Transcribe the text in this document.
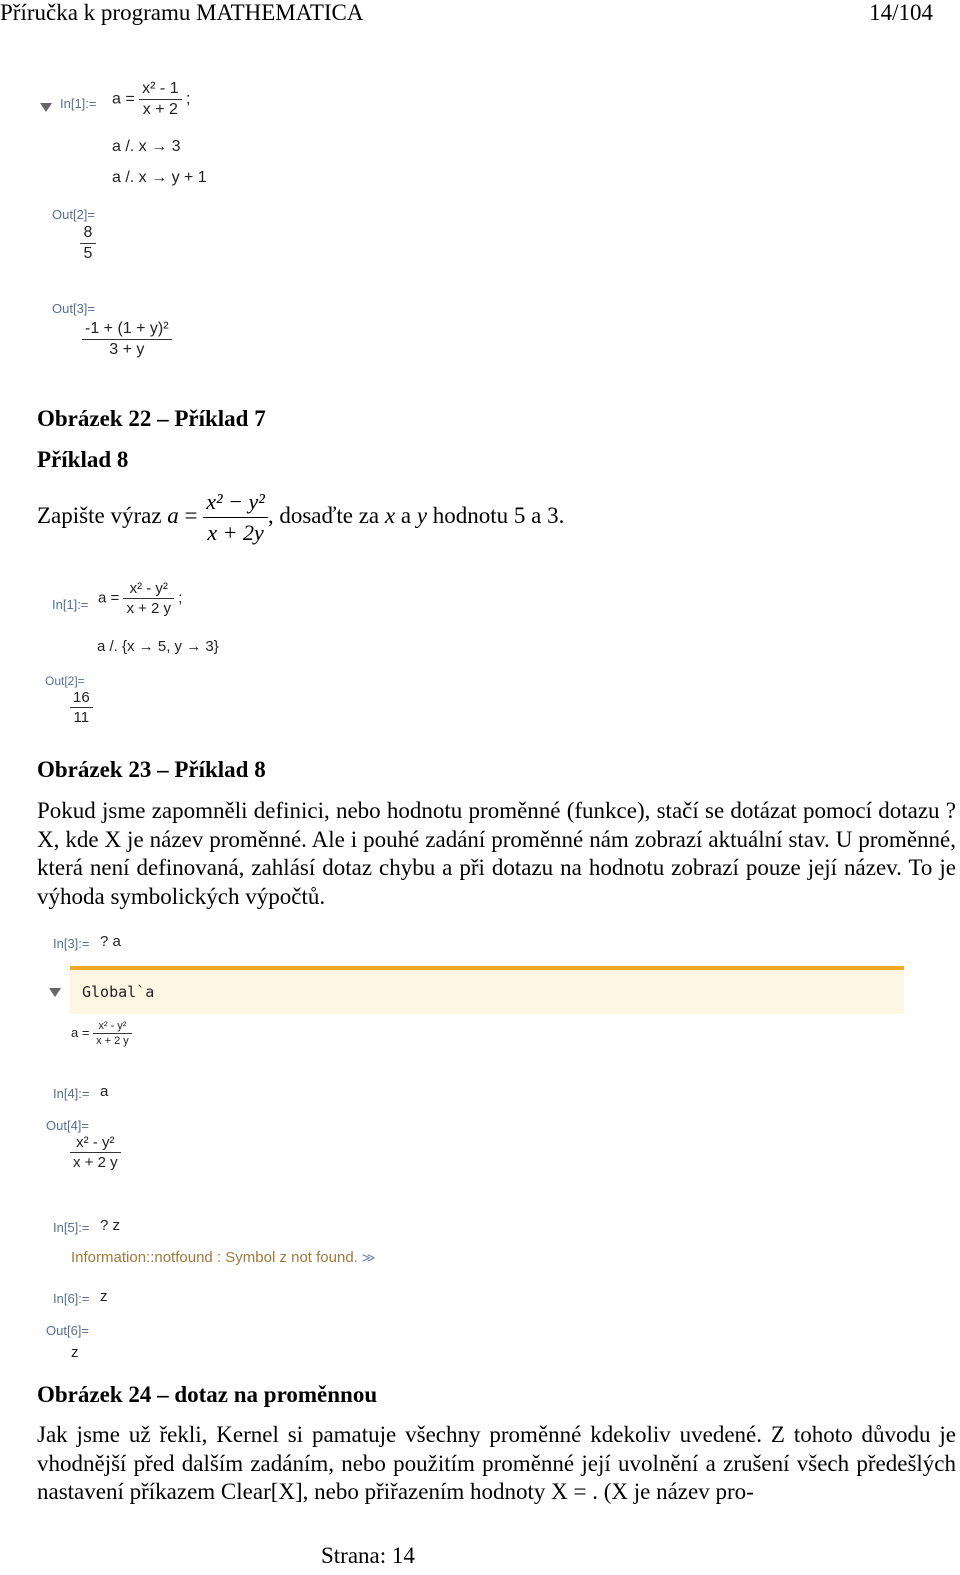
Příručka k programu MATHEMATICA	14/104
In[1]:= $a = \frac{\text{x² - 1}}{x + 2}$ ;
a /. x → 3
a /. x → y + 1
Out[2]=
$\frac{8}{5}$
Out[3]=
$\frac{\text{-1 + (1 + y)²}}{3 + y}$
Obrázek 22 – Příklad 7
Příklad 8
Zapište výraz $a = \frac{\text{x² − y²}}{x + 2y}$ , dosaďte za x a y hodnotu 5 a 3.
In[1]:= $a = \frac{\text{x² - y²}}{x + 2 y}$ ;
a /. {x → 5, y → 3}
Out[2]=
$\frac{16}{11}$
Obrázek 23 – Příklad 8
Pokud jsme zapomněli definici, nebo hodnotu proměnné (funkce), stačí se dotázat pomocí dotazu ? X, kde X je název proměnné. Ale i pouhé zadání proměnné nám zobrazí aktuální stav. U proměnné, která není definovaná, zahlásí dotaz chybu a při dotazu na hodnotu zobrazí pouze její název. To je výhoda symbolických výpočtů.
In[3]:= ? a
Global`a
$a = \frac{\text{x² - y²}}{x + 2 y}$
In[4]:= a
Out[4]=
$\frac{\text{x² - y²}}{x + 2 y}$
In[5]:= ? z
Information::notfound : Symbol z not found. ≫
In[6]:= z
Out[6]=
z
Obrázek 24 – dotaz na proměnnou
Jak jsme už řekli, Kernel si pamatuje všechny proměnné kdekoliv uvedené. Z tohoto důvodu je vhodnější před dalším zadáním, nebo použitím proměnné její uvolnění a zrušení všech předešlých nastavení příkazem Clear[X], nebo přiřazením hodnoty X = . (X je název pro-
Strana: 14
